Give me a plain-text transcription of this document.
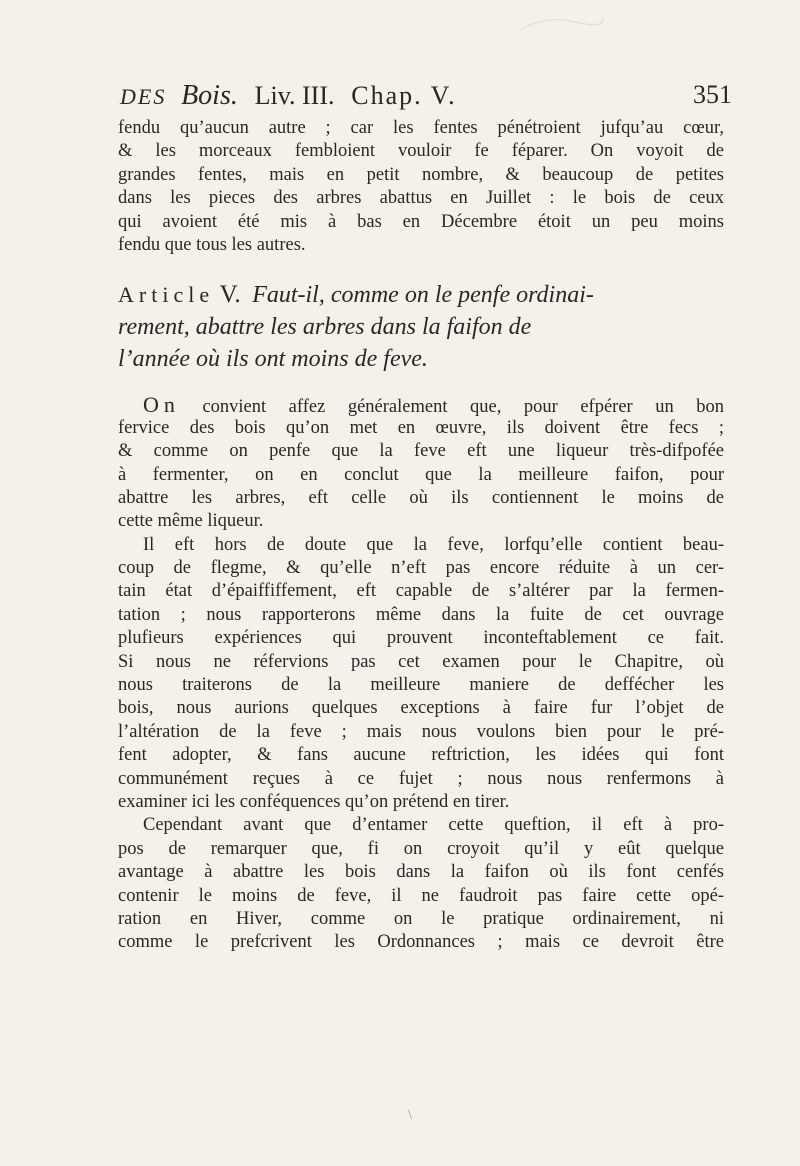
DES Bois. Liv. III. Chap. V.	351
fendu qu’aucun autre ; car les fentes pénétroient jufqu’au cœur,
& les morceaux fembloient vouloir fe féparer. On voyoit de
grandes fentes, mais en petit nombre, & beaucoup de petites
dans les pieces des arbres abattus en Juillet : le bois de ceux
qui avoient été mis à bas en Décembre étoit un peu moins
fendu que tous les autres.
Article V. Faut-il, comme on le penfe ordinai-
rement, abattre les arbres dans la faifon de
l’année où ils ont moins de feve.
On convient affez généralement que, pour efpérer un bon
fervice des bois qu’on met en œuvre, ils doivent être fecs ;
& comme on penfe que la feve eft une liqueur très-difpofée
à fermenter, on en conclut que la meilleure faifon, pour
abattre les arbres, eft celle où ils contiennent le moins de
cette même liqueur.
Il eft hors de doute que la feve, lorfqu’elle contient beau-
coup de flegme, & qu’elle n’eft pas encore réduite à un cer-
tain état d’épaiffiffement, eft capable de s’altérer par la fermen-
tation ; nous rapporterons même dans la fuite de cet ouvrage
plufieurs expériences qui prouvent inconteftablement ce fait.
Si nous ne réfervions pas cet examen pour le Chapitre, où
nous traiterons de la meilleure maniere de deffécher les
bois, nous aurions quelques exceptions à faire fur l’objet de
l’altération de la feve ; mais nous voulons bien pour le pré-
fent adopter, & fans aucune reftriction, les idées qui font
communément reçues à ce fujet ; nous nous renfermons à
examiner ici les conféquences qu’on prétend en tirer.
Cependant avant que d’entamer cette queftion, il eft à pro-
pos de remarquer que, fi on croyoit qu’il y eût quelque
avantage à abattre les bois dans la faifon où ils font cenfés
contenir le moins de feve, il ne faudroit pas faire cette opé-
ration en Hiver, comme on le pratique ordinairement, ni
comme le prefcrivent les Ordonnances ; mais ce devroit être
\
